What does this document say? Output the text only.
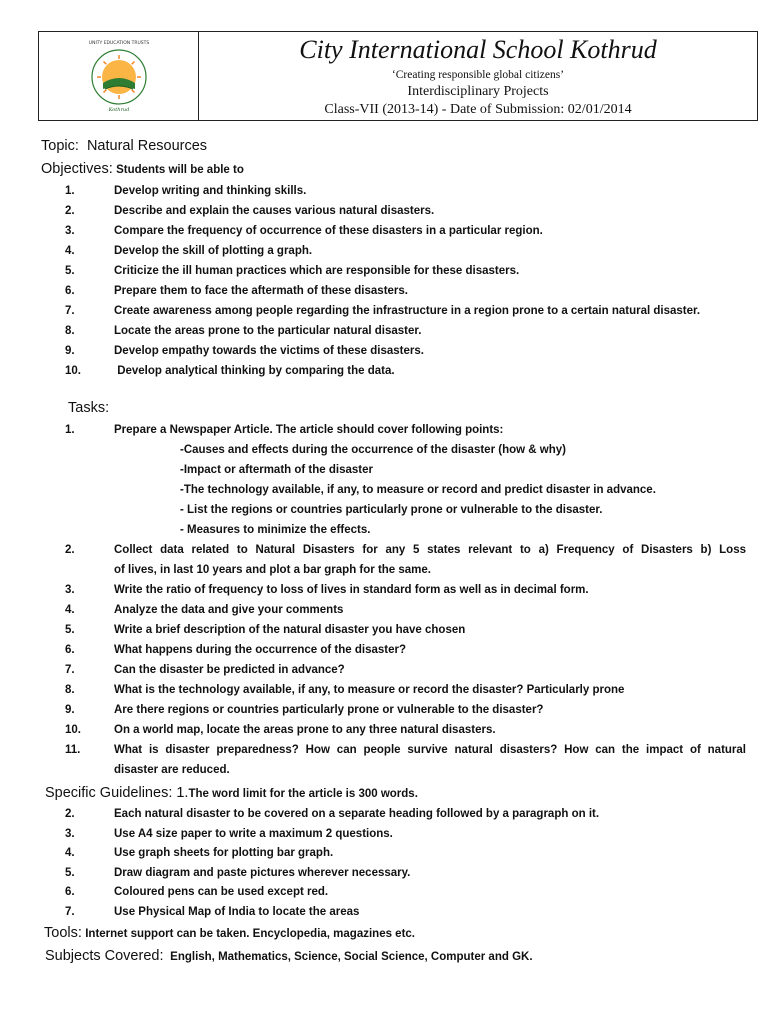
UNITY EDUCATION TRUSTS
Kothrud
City International School Kothrud
‘Creating responsible global citizens’
Interdisciplinary Projects
Class-VII (2013-14) - Date of Submission: 02/01/2014
Topic: Natural Resources
Objectives: Students will be able to
1.	Develop writing and thinking skills.
2.	Describe and explain the causes various natural disasters.
3.	Compare the frequency of occurrence of these disasters in a particular region.
4.	Develop the skill of plotting a graph.
5.	Criticize the ill human practices which are responsible for these disasters.
6.	Prepare them to face the aftermath of these disasters.
7.	Create awareness among people regarding the infrastructure in a region prone to a certain natural disaster.
8.	Locate the areas prone to the particular natural disaster.
9.	Develop empathy towards the victims of these disasters.
10.	Develop analytical thinking by comparing the data.
Tasks:
1.	Prepare a Newspaper Article. The article should cover following points:
-Causes and effects during the occurrence of the disaster (how & why)
-Impact or aftermath of the disaster
-The technology available, if any, to measure or record and predict disaster in advance.
- List the regions or countries particularly prone or vulnerable to the disaster.
- Measures to minimize the effects.
2.	Collect data related to Natural Disasters for any 5 states relevant to a) Frequency of Disasters b) Loss
of lives, in last 10 years and plot a bar graph for the same.
3.	Write the ratio of frequency to loss of lives in standard form as well as in decimal form.
4.	Analyze the data and give your comments
5.	Write a brief description of the natural disaster you have chosen
6.	What happens during the occurrence of the disaster?
7.	Can the disaster be predicted in advance?
8.	What is the technology available, if any, to measure or record the disaster? Particularly prone
9.	Are there regions or countries particularly prone or vulnerable to the disaster?
10.	On a world map, locate the areas prone to any three natural disasters.
11.	What is disaster preparedness? How can people survive natural disasters? How can the impact of natural
disaster are reduced.
Specific Guidelines: 1.The word limit for the article is 300 words.
2.	Each natural disaster to be covered on a separate heading followed by a paragraph on it.
3.	Use A4 size paper to write a maximum 2 questions.
4.	Use graph sheets for plotting bar graph.
5.	Draw diagram and paste pictures wherever necessary.
6.	Coloured pens can be used except red.
7.	Use Physical Map of India to locate the areas
Tools: Internet support can be taken. Encyclopedia, magazines etc.
Subjects Covered: English, Mathematics, Science, Social Science, Computer and GK.
